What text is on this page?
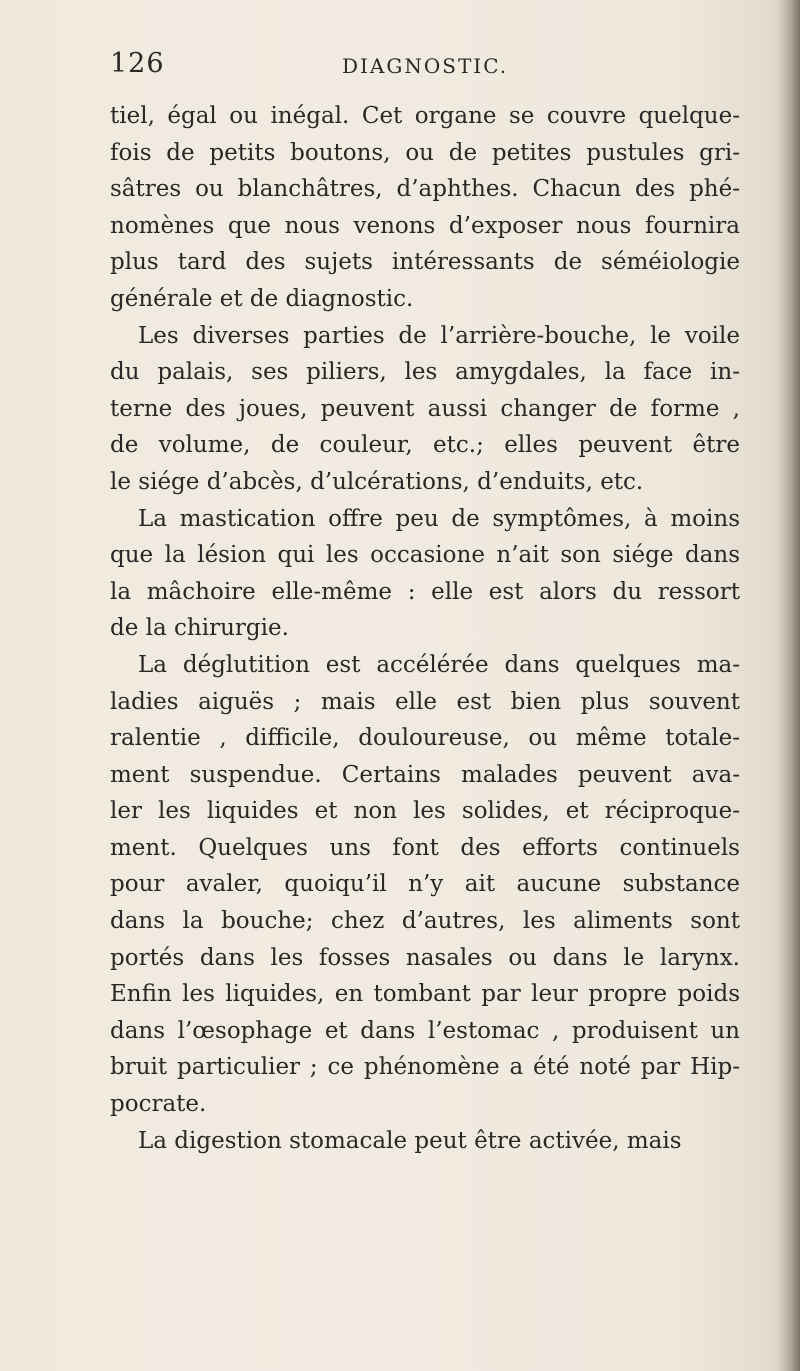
126	DIAGNOSTIC.
tiel, égal ou inégal. Cet organe se couvre quelque-
fois de petits boutons, ou de petites pustules gri-
sâtres ou blanchâtres, d’aphthes. Chacun des phé-
nomènes que nous venons d’exposer nous fournira
plus tard des sujets intéressants de séméiologie
générale et de diagnostic.
Les diverses parties de l’arrière-bouche, le voile
du palais, ses piliers, les amygdales, la face in-
terne des joues, peuvent aussi changer de forme ,
de volume, de couleur, etc.; elles peuvent être
le siége d’abcès, d’ulcérations, d’enduits, etc.
La mastication offre peu de symptômes, à moins
que la lésion qui les occasione n’ait son siége dans
la mâchoire elle-même : elle est alors du ressort
de la chirurgie.
La déglutition est accélérée dans quelques ma-
ladies aiguës ; mais elle est bien plus souvent
ralentie , difficile, douloureuse, ou même totale-
ment suspendue. Certains malades peuvent ava-
ler les liquides et non les solides, et réciproque-
ment. Quelques uns font des efforts continuels
pour avaler, quoiqu’il n’y ait aucune substance
dans la bouche; chez d’autres, les aliments sont
portés dans les fosses nasales ou dans le larynx.
Enfin les liquides, en tombant par leur propre poids
dans l’œsophage et dans l’estomac , produisent un
bruit particulier ; ce phénomène a été noté par Hip-
pocrate.
La digestion stomacale peut être activée, mais
